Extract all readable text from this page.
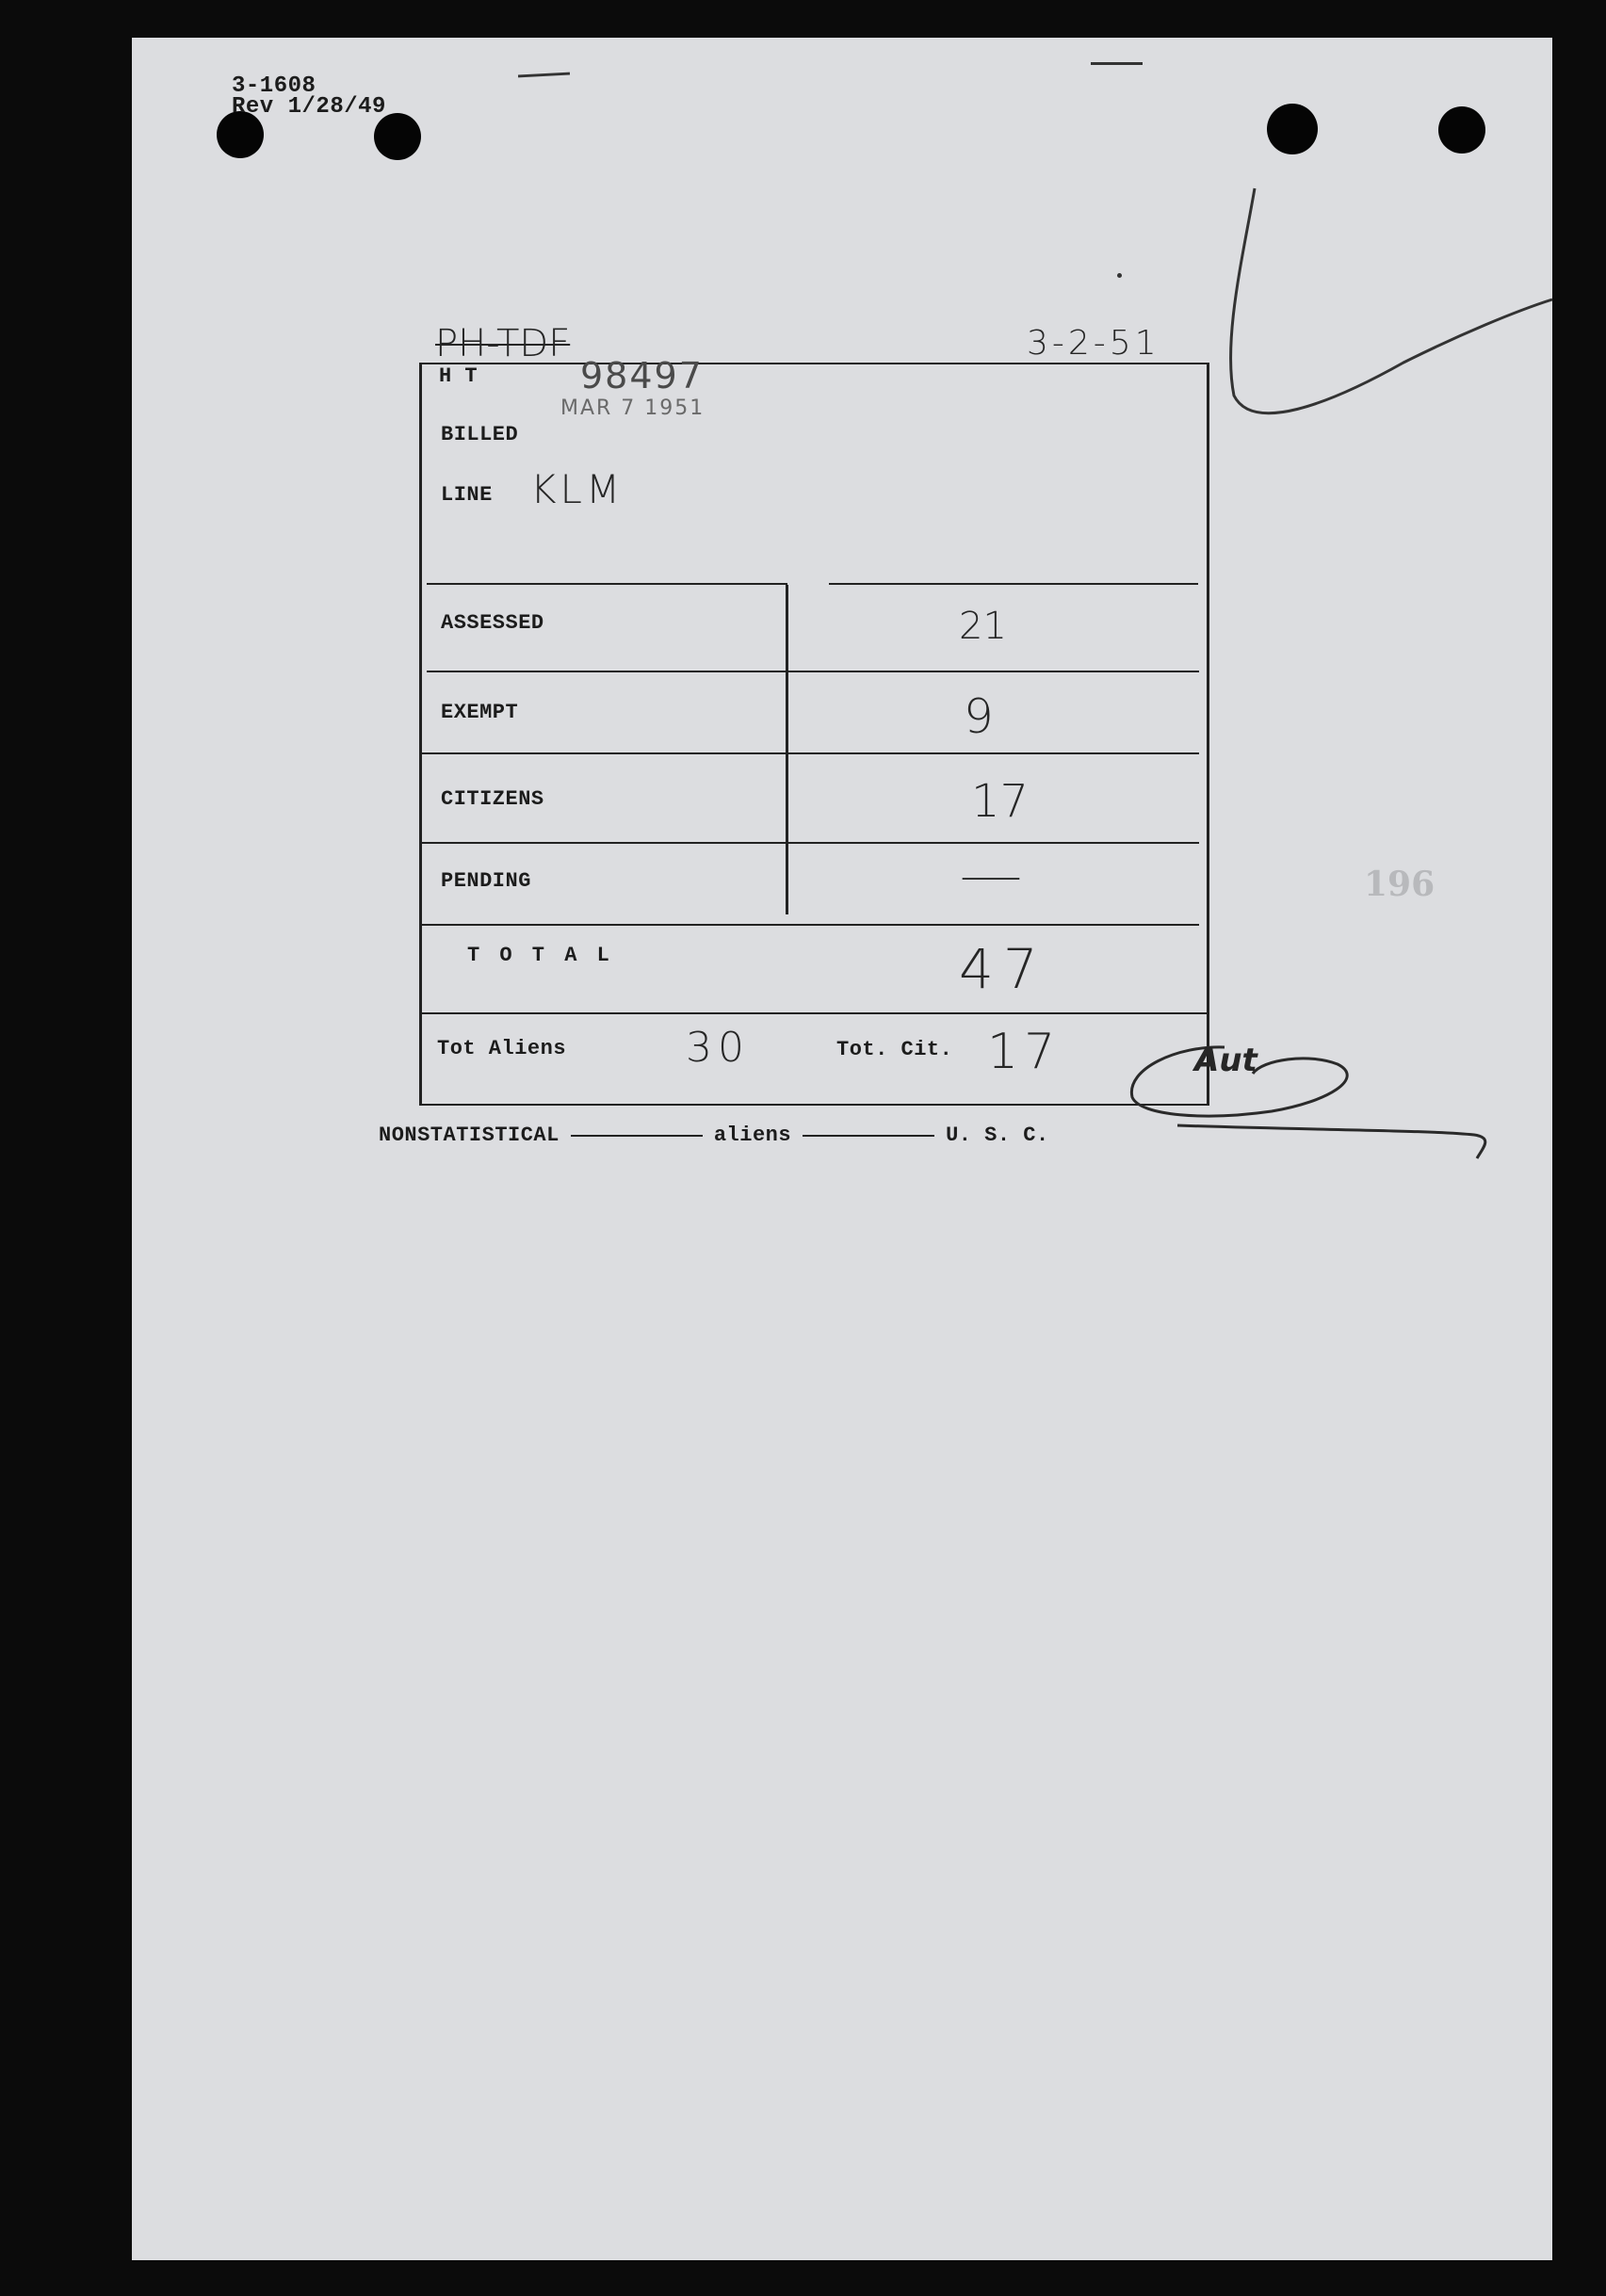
3-1608
Rev 1/28/49
PH-TDF	3-2-51
H T	98497
MAR 7 1951
BILLED
LINE KLM
ASSESSED	21
EXEMPT	9
CITIZENS	17
PENDING	—
T O T A L	47
Tot Aliens	30	Tot. Cit. 17	Aut
NONSTATISTICAL	aliens	U. S. C.
196
